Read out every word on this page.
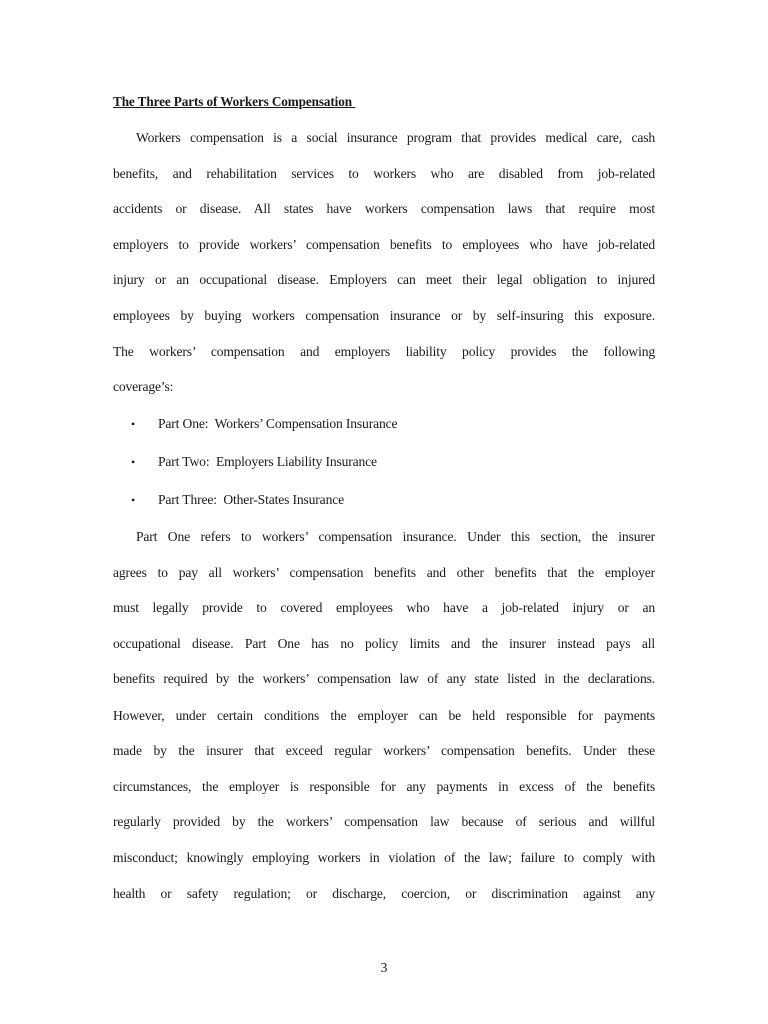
The Three Parts of Workers Compensation
Workers compensation is a social insurance program that provides medical care, cash
benefits, and rehabilitation services to workers who are disabled from job-related
accidents or disease. All states have workers compensation laws that require most
employers to provide workers’ compensation benefits to employees who have job-related
injury or an occupational disease. Employers can meet their legal obligation to injured
employees by buying workers compensation insurance or by self-insuring this exposure.
The workers’ compensation and employers liability policy provides the following
coverage’s:

•

Part One:  Workers’ Compensation Insurance

•

Part Two:  Employers Liability Insurance

•

Part Three:  Other-States Insurance

Part One refers to workers’ compensation insurance. Under this section, the insurer
agrees to pay all workers’ compensation benefits and other benefits that the employer
must legally provide to covered employees who have a job-related injury or an
occupational disease. Part One has no policy limits and the insurer instead pays all
benefits required by the workers’ compensation law of any state listed in the declarations.
However, under certain conditions the employer can be held responsible for payments
made by the insurer that exceed regular workers’ compensation benefits. Under these
circumstances, the employer is responsible for any payments in excess of the benefits
regularly provided by the workers’ compensation law because of serious and willful
misconduct; knowingly employing workers in violation of the law; failure to comply with
health or safety regulation; or discharge, coercion, or discrimination against any
3
